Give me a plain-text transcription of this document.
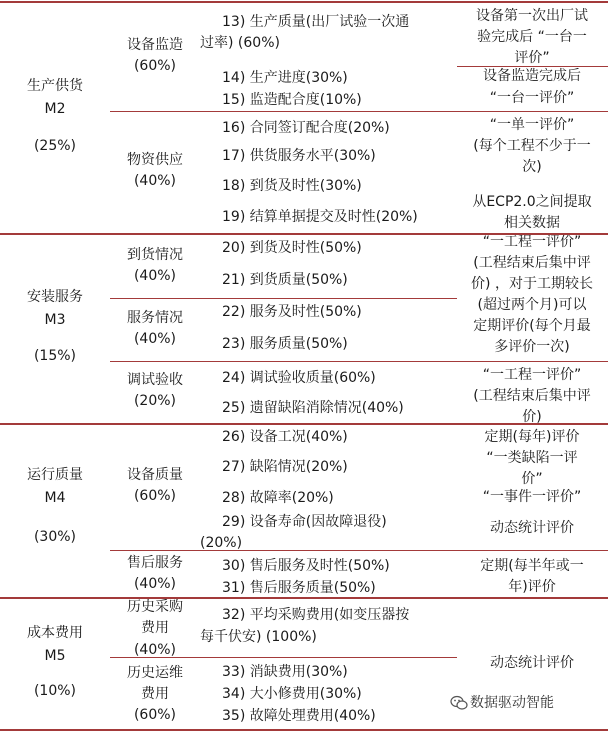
生产供货
M2
(25%)
设备监造
(60%)
13) 生产质量(出厂试验一次通
过率) (60%)
14) 生产进度(30%)
15) 监造配合度(10%)
物资供应
(40%)
16) 合同签订配合度(20%)
17) 供货服务水平(30%)
18) 到货及时性(30%)
19) 结算单据提交及时性(20%)
设备第一次出厂试
验完成后 “一台一
评价”
设备监造完成后
“一台一评价”
“一单一评价”
(每个工程不少于一
次)
从ECP2.0之间提取
相关数据
安装服务
M3
(15%)
到货情况
(40%)
20) 到货及时性(50%)
21) 到货质量(50%)
服务情况
(40%)
22) 服务及时性(50%)
23) 服务质量(50%)
调试验收
(20%)
24) 调试验收质量(60%)
25) 遗留缺陷消除情况(40%)
“一工程一评价”
(工程结束后集中评
价) ，对于工期较长
(超过两个月)可以
定期评价(每个月最
多评价一次)
“一工程一评价”
(工程结束后集中评
价)
运行质量
M4
(30%)
设备质量
(60%)
26) 设备工况(40%)
27) 缺陷情况(20%)
28) 故障率(20%)
29) 设备寿命(因故障退役)
(20%)
售后服务
(40%)
30) 售后服务及时性(50%)
31) 售后服务质量(50%)
定期(每年)评价
“一类缺陷一评
价”
“一事件一评价”
动态统计评价
定期(每半年或一
年)评价
成本费用
M5
(10%)
历史采购
费用
(40%)
32) 平均采购费用(如变压器按
每千伏安) (100%)
历史运维
费用
(60%)
33) 消缺费用(30%)
34) 大小修费用(30%)
35) 故障处理费用(40%)
动态统计评价
数据驱动智能
